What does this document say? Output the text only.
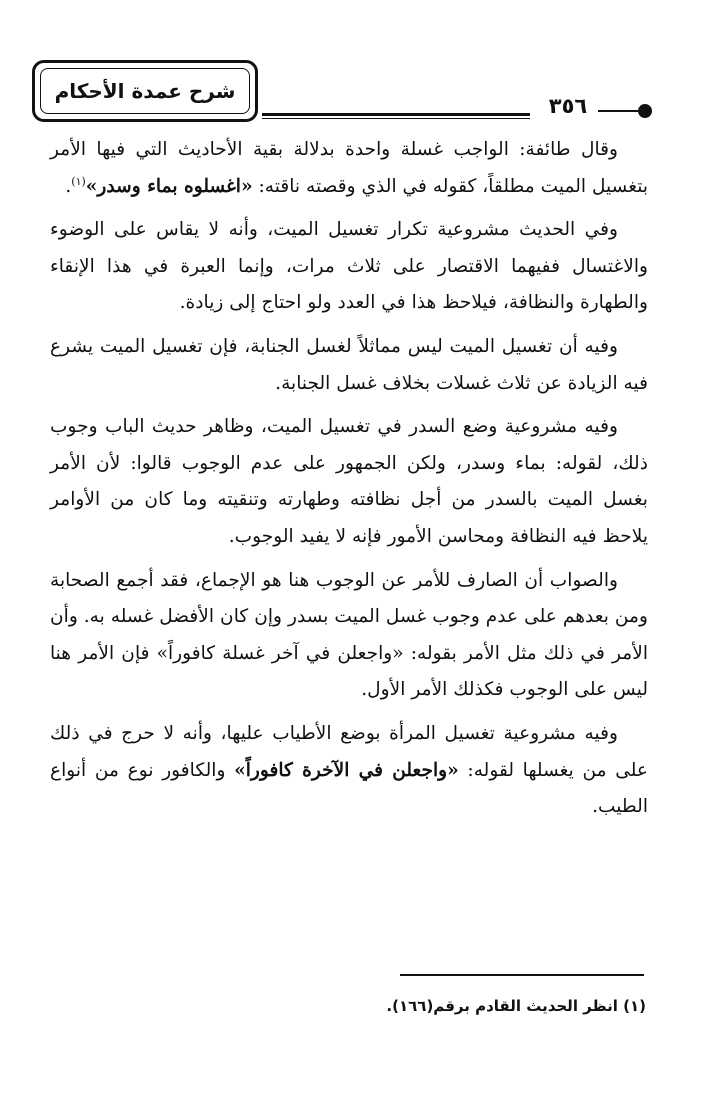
شرح عمدة الأحكام
٣٥٦

وقال طائفة: الواجب غسلة واحدة بدلالة بقية الأحاديث التي فيها الأمر بتغسيل الميت مطلقاً، كقوله في الذي وقصته ناقته: «اغسلوه بماء وسدر»$^{(١)}$.

وفي الحديث مشروعية تكرار تغسيل الميت، وأنه لا يقاس على الوضوء والاغتسال ففيهما الاقتصار على ثلاث مرات، وإنما العبرة في هذا الإنقاء والطهارة والنظافة، فيلاحظ هذا في العدد ولو احتاج إلى زيادة.

وفيه أن تغسيل الميت ليس مماثلاً لغسل الجنابة، فإن تغسيل الميت يشرع فيه الزيادة عن ثلاث غسلات بخلاف غسل الجنابة.

وفيه مشروعية وضع السدر في تغسيل الميت، وظاهر حديث الباب وجوب ذلك، لقوله: بماء وسدر، ولكن الجمهور على عدم الوجوب قالوا: لأن الأمر بغسل الميت بالسدر من أجل نظافته وطهارته وتنقيته وما كان من الأوامر يلاحظ فيه النظافة ومحاسن الأمور فإنه لا يفيد الوجوب.

والصواب أن الصارف للأمر عن الوجوب هنا هو الإجماع، فقد أجمع الصحابة ومن بعدهم على عدم وجوب غسل الميت بسدر وإن كان الأفضل غسله به. وأن الأمر في ذلك مثل الأمر بقوله: «واجعلن في آخر غسلة كافوراً» فإن الأمر هنا ليس على الوجوب فكذلك الأمر الأول.

وفيه مشروعية تغسيل المرأة بوضع الأطياب عليها، وأنه لا حرج في ذلك على من يغسلها لقوله: «واجعلن في الآخرة كافوراً» والكافور نوع من أنواع الطيب.

(١) انظر الحديث القادم برقم(١٦٦).
